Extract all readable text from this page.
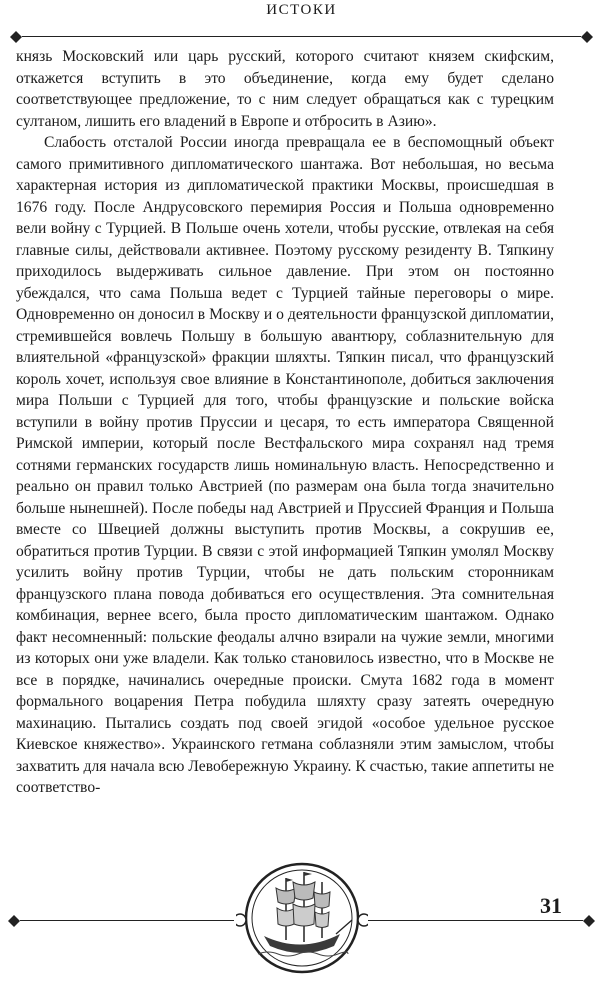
ИСТОКИ

князь Московский или царь русский, которого считают князем скифским, откажется вступить в это объединение, когда ему будет сделано соответствующее предложение, то с ним следует обращаться как с турецким султаном, лишить его владений в Европе и отбросить в Азию».

Слабость отсталой России иногда превращала ее в беспомощный объект самого примитивного дипломатического шантажа. Вот небольшая, но весьма характерная история из дипломатической практики Москвы, происшедшая в 1676 году. После Андрусовского перемирия Россия и Польша одновременно вели войну с Турцией. В Польше очень хотели, чтобы русские, отвлекая на себя главные силы, действовали активнее. Поэтому русскому резиденту В. Тяпкину приходилось выдерживать сильное давление. При этом он постоянно убеждался, что сама Польша ведет с Турцией тайные переговоры о мире. Одновременно он доносил в Москву и о деятельности французской дипломатии, стремившейся вовлечь Польшу в большую авантюру, соблазнительную для влиятельной «французской» фракции шляхты. Тяпкин писал, что французский король хочет, используя свое влияние в Константинополе, добиться заключения мира Польши с Турцией для того, чтобы французские и польские войска вступили в войну против Пруссии и цесаря, то есть императора Священной Римской империи, который после Вестфальского мира сохранял над тремя сотнями германских государств лишь номинальную власть. Непосредственно и реально он правил только Австрией (по размерам она была тогда значительно больше нынешней). После победы над Австрией и Пруссией Франция и Польша вместе со Швецией должны выступить против Москвы, а сокрушив ее, обратиться против Турции. В связи с этой информацией Тяпкин умолял Москву усилить войну против Турции, чтобы не дать польским сторонникам французского плана повода добиваться его осуществления. Эта сомнительная комбинация, вернее всего, была просто дипломатическим шантажом. Однако факт несомненный: польские феодалы алчно взирали на чужие земли, многими из которых они уже владели. Как только становилось известно, что в Москве не все в порядке, начинались очередные происки. Смута 1682 года в момент формального воцарения Петра побудила шляхту сразу затеять очередную махинацию. Пытались создать под своей эгидой «особое удельное русское Киевское княжество». Украинского гетмана соблазняли этим замыслом, чтобы захватить для начала всю Левобережную Украину. К счастью, такие аппетиты не соответство-

31
